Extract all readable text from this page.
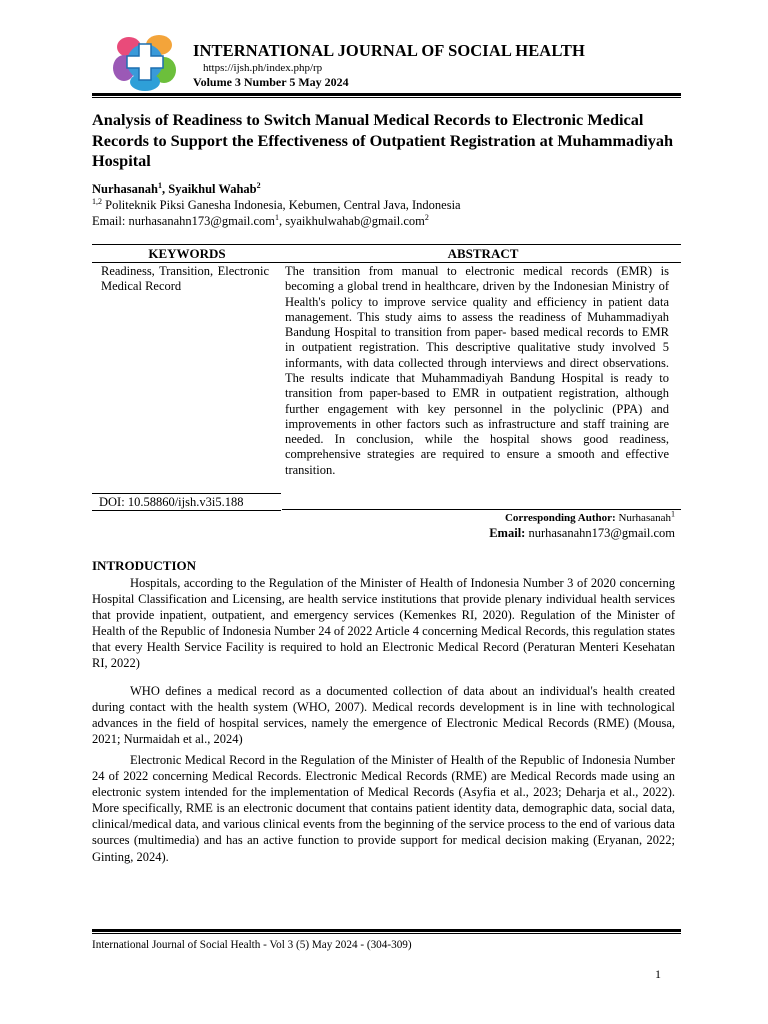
INTERNATIONAL JOURNAL OF SOCIAL HEALTH
https://ijsh.ph/index.php/rp
Volume 3 Number 5 May 2024
Analysis of Readiness to Switch Manual Medical Records to Electronic Medical Records to Support the Effectiveness of Outpatient Registration at Muhammadiyah Hospital
Nurhasanah$^1$, Syaikhul Wahab$^2$
$^{1,2}$ Politeknik Piksi Ganesha Indonesia, Kebumen, Central Java, Indonesia
Email: nurhasanahn173@gmail.com$^1$, syaikhulwahab@gmail.com$^2$
KEYWORDS	ABSTRACT
Readiness, Transition, Electronic Medical Record
The transition from manual to electronic medical records (EMR) is becoming a global trend in healthcare, driven by the Indonesian Ministry of Health's policy to improve service quality and efficiency in patient data management. This study aims to assess the readiness of Muhammadiyah Bandung Hospital to transition from paper- based medical records to EMR in outpatient registration. This descriptive qualitative study involved 5 informants, with data collected through interviews and direct observations. The results indicate that Muhammadiyah Bandung Hospital is ready to transition from paper-based to EMR in outpatient registration, although further engagement with key personnel in the polyclinic (PPA) and improvements in other factors such as infrastructure and staff training are needed. In conclusion, while the hospital shows good readiness, comprehensive strategies are required to ensure a smooth and effective transition.
DOI: 10.58860/ijsh.v3i5.188
Corresponding Author: Nurhasanah$^1$
Email: nurhasanahn173@gmail.com
INTRODUCTION
Hospitals, according to the Regulation of the Minister of Health of Indonesia Number 3 of 2020 concerning Hospital Classification and Licensing, are health service institutions that provide plenary individual health services that provide inpatient, outpatient, and emergency services (Kemenkes RI, 2020). Regulation of the Minister of Health of the Republic of Indonesia Number 24 of 2022 Article 4 concerning Medical Records, this regulation states that every Health Service Facility is required to hold an Electronic Medical Record (Peraturan Menteri Kesehatan RI, 2022)
WHO defines a medical record as a documented collection of data about an individual's health created during contact with the health system (WHO, 2007). Medical records development is in line with technological advances in the field of hospital services, namely the emergence of Electronic Medical Records (RME) (Mousa, 2021; Nurmaidah et al., 2024)
Electronic Medical Record in the Regulation of the Minister of Health of the Republic of Indonesia Number 24 of 2022 concerning Medical Records. Electronic Medical Records (RME) are Medical Records made using an electronic system intended for the implementation of Medical Records (Asyfia et al., 2023; Deharja et al., 2022). More specifically, RME is an electronic document that contains patient identity data, demographic data, social data, clinical/medical data, and various clinical events from the beginning of the service process to the end of various data sources (multimedia) and has an active function to provide support for medical decision making (Eryanan, 2022; Ginting, 2024).
International Journal of Social Health - Vol 3 (5) May 2024 - (304-309)
1
